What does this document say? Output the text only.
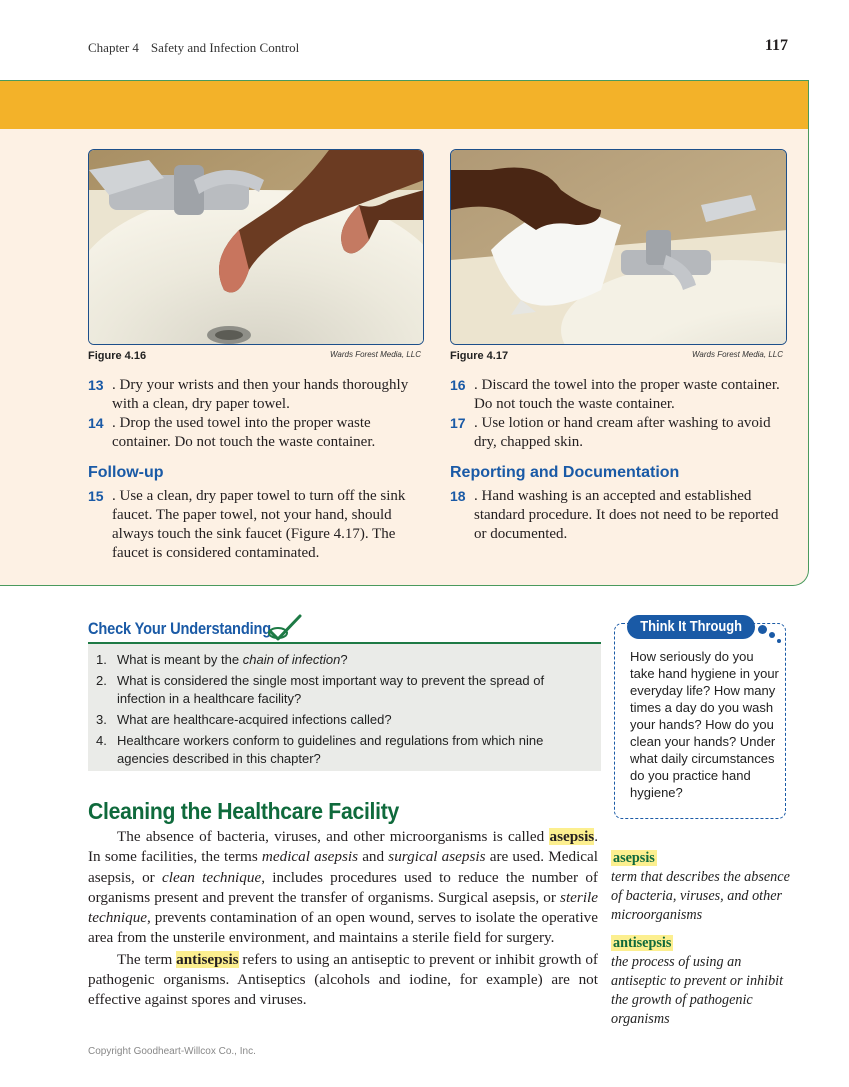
Chapter 4 Safety and Infection Control	117
Figure 4.16	Wards Forest Media, LLC	Figure 4.17	Wards Forest Media, LLC
13 . Dry your wrists and then your hands thoroughly with a clean, dry paper towel.
14 . Drop the used towel into the proper waste container. Do not touch the waste container.
Follow-up
15 . Use a clean, dry paper towel to turn off the sink faucet. The paper towel, not your hand, should always touch the sink faucet (Figure 4.17). The faucet is considered contaminated.
16 . Discard the towel into the proper waste container. Do not touch the waste container.
17 . Use lotion or hand cream after washing to avoid dry, chapped skin.
Reporting and Documentation
18 . Hand washing is an accepted and established standard procedure. It does not need to be reported or documented.
Check Your Understanding
1. What is meant by the chain of infection?
2. What is considered the single most important way to prevent the spread of infection in a healthcare facility?
3. What are healthcare-acquired infections called?
4. Healthcare workers conform to guidelines and regulations from which nine agencies described in this chapter?
Think It Through
How seriously do you take hand hygiene in your everyday life? How many times a day do you wash your hands? How do you clean your hands? Under what daily circumstances do you practice hand hygiene?
Cleaning the Healthcare Facility

The absence of bacteria, viruses, and other microorganisms is called asepsis. In some facilities, the terms medical asepsis and surgical asepsis are used. Medical asepsis, or clean technique, includes procedures used to reduce the number of organisms present and prevent the transfer of organisms. Surgical asepsis, or sterile technique, prevents contamination of an open wound, serves to isolate the operative area from the unsterile environment, and maintains a sterile field for surgery.

The term antisepsis refers to using an antiseptic to prevent or inhibit growth of pathogenic organisms. Antiseptics (alcohols and iodine, for example) are not effective against spores and viruses.

asepsis
term that describes the absence of bacteria, viruses, and other microorganisms
antisepsis
the process of using an antiseptic to prevent or inhibit the growth of pathogenic organisms
Copyright Goodheart-Willcox Co., Inc.
